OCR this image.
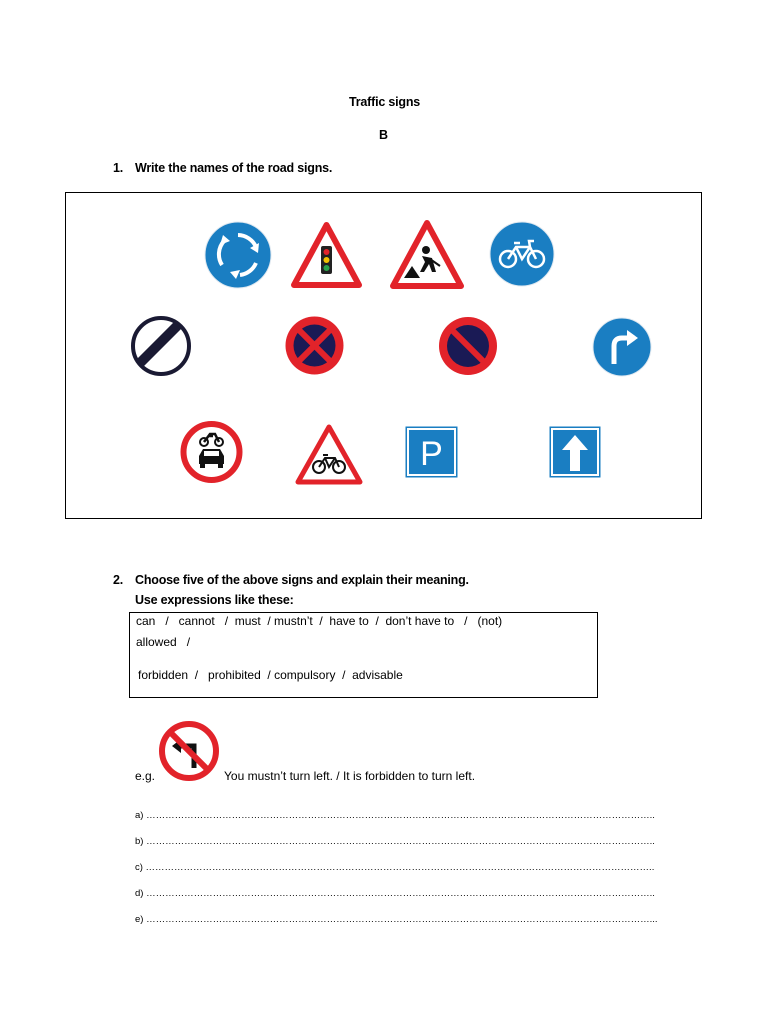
Traffic signs
B
1. Write the names of the road signs.
P
2. Choose five of the above signs and explain their meaning.
Use expressions like these:
can   /   cannot   /  must  / mustn’t  /  have to  /  don’t have to   /   (not)
allowed   /
forbidden  /   prohibited  / compulsory  /  advisable
e.g.	You mustn’t turn left. / It is forbidden to turn left.
a) ……………………………………………………………………………………………………………………………………………..
b) ……………………………………………………………………………………………………………………………………………..
c) ……………………………………………………………………………………………………………………………………………..
d) ……………………………………………………………………………………………………………………………………………..
e) ……………………………………………………………………………………………………………………………………………...
